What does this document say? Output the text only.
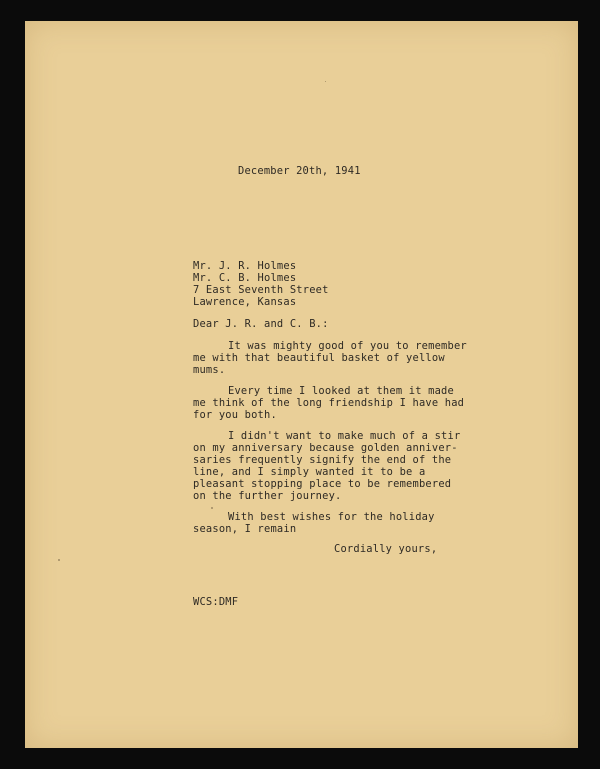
December 20th, 1941
Mr. J. R. Holmes
Mr. C. B. Holmes
7 East Seventh Street
Lawrence, Kansas
Dear J. R. and C. B.:
It was mighty good of you to remember
me with that beautiful basket of yellow
mums.
Every time I looked at them it made
me think of the long friendship I have had
for you both.
I didn't want to make much of a stir
on my anniversary because golden anniver-
saries frequently signify the end of the
line, and I simply wanted it to be a
pleasant stopping place to be remembered
on the further journey.
With best wishes for the holiday
season, I remain
Cordially yours,
WCS:DMF
